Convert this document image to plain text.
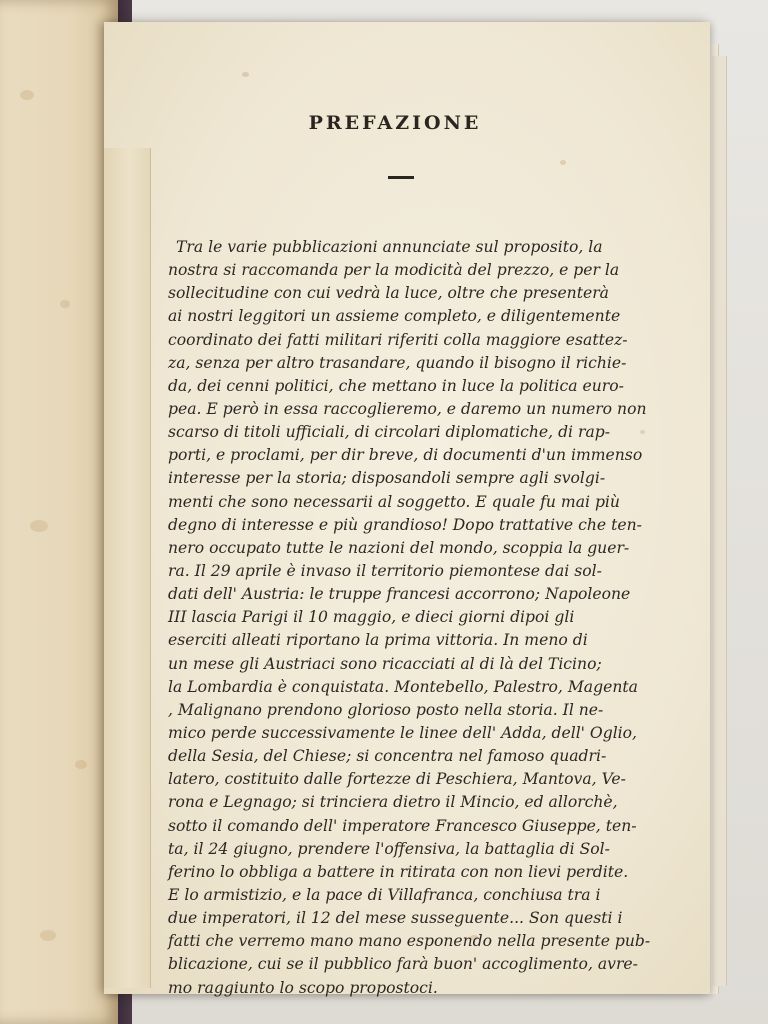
PREFAZIONE
Tra le varie pubblicazioni annunciate sul proposito, la
nostra si raccomanda per la modicità del prezzo, e per la
sollecitudine con cui vedrà la luce, oltre che presenterà
ai nostri leggitori un assieme completo, e diligentemente
coordinato dei fatti militari riferiti colla maggiore esattez-
za, senza per altro trasandare, quando il bisogno il richie-
da, dei cenni politici, che mettano in luce la politica euro-
pea. E però in essa raccoglieremo, e daremo un numero non
scarso di titoli ufficiali, di circolari diplomatiche, di rap-
porti, e proclami, per dir breve, di documenti d'un immenso
interesse per la storia; disposandoli sempre agli svolgi-
menti che sono necessarii al soggetto. E quale fu mai più
degno di interesse e più grandioso! Dopo trattative che ten-
nero occupato tutte le nazioni del mondo, scoppia la guer-
ra. Il 29 aprile è invaso il territorio piemontese dai sol-
dati dell' Austria: le truppe francesi accorrono; Napoleone
III lascia Parigi il 10 maggio, e dieci giorni dipoi gli
eserciti alleati riportano la prima vittoria. In meno di
un mese gli Austriaci sono ricacciati al di là del Ticino;
la Lombardia è conquistata. Montebello, Palestro, Magenta
, Malignano prendono glorioso posto nella storia. Il ne-
mico perde successivamente le linee dell' Adda, dell' Oglio,
della Sesia, del Chiese; si concentra nel famoso quadri-
latero, costituito dalle fortezze di Peschiera, Mantova, Ve-
rona e Legnago; si trinciera dietro il Mincio, ed allorchè,
sotto il comando dell' imperatore Francesco Giuseppe, ten-
ta, il 24 giugno, prendere l'offensiva, la battaglia di Sol-
ferino lo obbliga a battere in ritirata con non lievi perdite.
E lo armistizio, e la pace di Villafranca, conchiusa tra i
due imperatori, il 12 del mese susseguente... Son questi i
fatti che verremo mano mano esponendo nella presente pub-
blicazione, cui se il pubblico farà buon' accoglimento, avre-
mo raggiunto lo scopo propostoci.
